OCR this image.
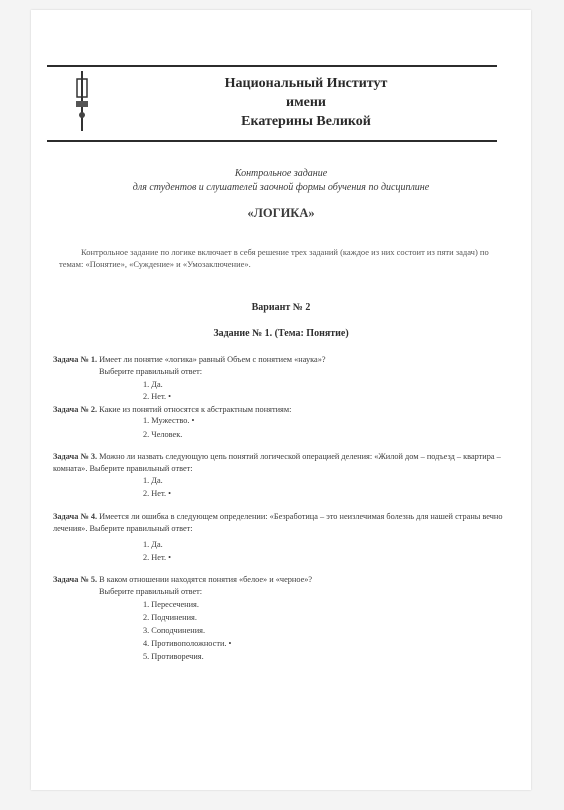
Национальный Институт
имени
Екатерины Великой
Контрольное задание
для студентов и слушателей заочной формы обучения по дисциплине
«ЛОГИКА»
Контрольное задание по логике включает в себя решение трех заданий (каждое из них состоит из пяти задач) по темам: «Понятие», «Суждение» и «Умозаключение».
Вариант № 2
Задание № 1. (Тема: Понятие)
Задача № 1. Имеет ли понятие «логика» равный Объем с понятием «наука»?
Выберите правильный ответ:
1. Да.
2. Нет. •
Задача № 2. Какие из понятий относятся к абстрактным понятиям:
1. Мужество. •
2. Человек.
Задача № 3. Можно ли назвать следующую цепь понятий логической операцией деления: «Жилой дом – подъезд – квартира – комната». Выберите правильный ответ:
1. Да.
2. Нет. •
Задача № 4. Имеется ли ошибка в следующем определении: «Безработица – это неизлечимая болезнь для нашей страны вечно лечения». Выберите правильный ответ:
1. Да.
2. Нет. •
Задача № 5. В каком отношении находятся понятия «белое» и «черное»?
Выберите правильный ответ:
1. Пересечения.
2. Подчинения.
3. Соподчинения.
4. Противоположности. •
5. Противоречия.
